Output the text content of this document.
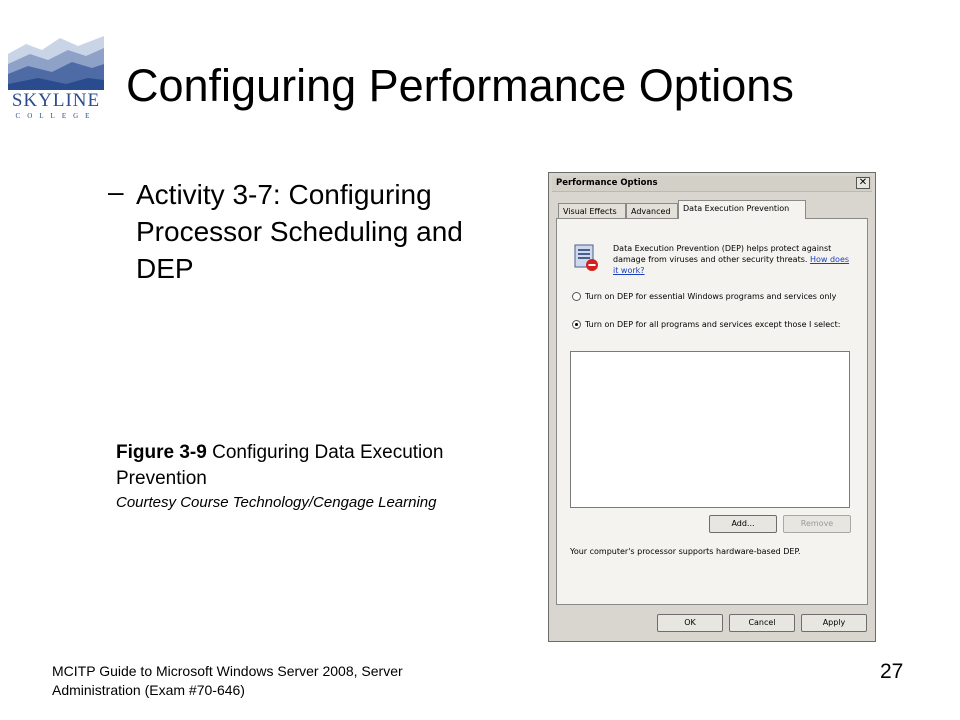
SKYLINE
COLLEGE
Configuring Performance Options
– Activity 3-7: Configuring Processor Scheduling and DEP
Figure 3-9 Configuring Data Execution Prevention
Courtesy Course Technology/Cengage Learning
Performance Options	✕
Visual Effects	Advanced	Data Execution Prevention
Data Execution Prevention (DEP) helps protect against damage from viruses and other security threats. How does it work?
Turn on DEP for essential Windows programs and services only
Turn on DEP for all programs and services except those I select:
Add...	Remove
Your computer's processor supports hardware-based DEP.
OK	Cancel	Apply
MCITP Guide to Microsoft Windows Server 2008, Server Administration (Exam #70-646)
27
